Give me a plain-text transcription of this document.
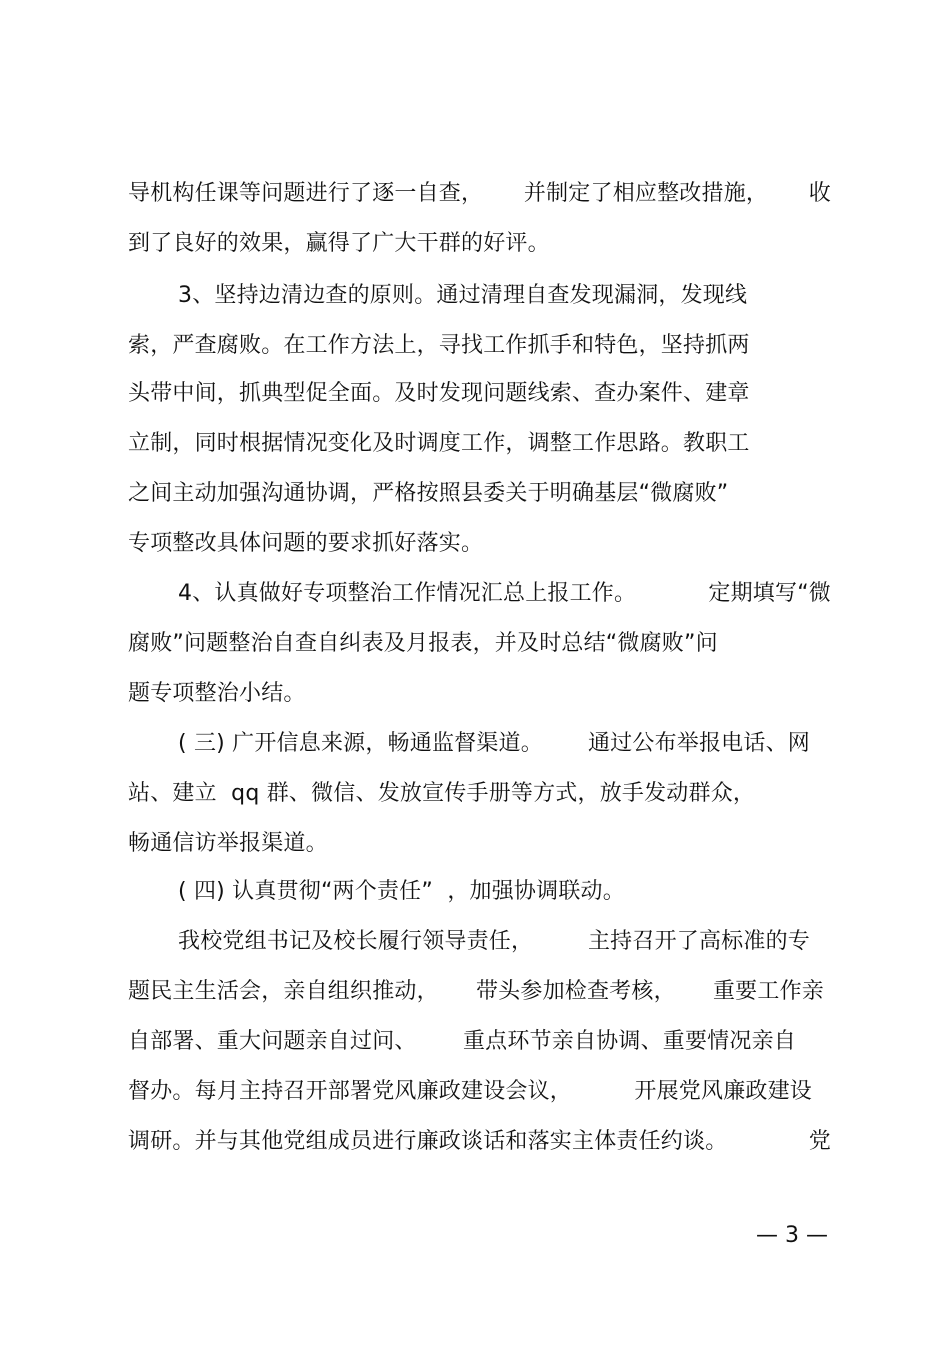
导机构任课等问题进行了逐一自查， 并制定了相应整改措施， 收
到了良好的效果，赢得了广大干群的好评。
3、坚持边清边查的原则。通过清理自查发现漏洞，发现线
索，严查腐败。在工作方法上，寻找工作抓手和特色，坚持抓两
头带中间，抓典型促全面。及时发现问题线索、查办案件、建章
立制，同时根据情况变化及时调度工作，调整工作思路。教职工
之间主动加强沟通协调，严格按照县委关于明确基层“微腐败”
专项整改具体问题的要求抓好落实。
4、认真做好专项整治工作情况汇总上报工作。	定期填写“微
腐败”问题整治自查自纠表及月报表，并及时总结“微腐败”问
题专项整治小结。
( 三) 广开信息来源，畅通监督渠道。 通过公布举报电话、网
站、建立  qq 群、微信、发放宣传手册等方式，放手发动群众，
畅通信访举报渠道。
( 四) 认真贯彻“两个责任”  ，加强协调联动。
我校党组书记及校长履行领导责任， 主持召开了高标准的专
题民主生活会，亲自组织推动， 带头参加检查考核， 重要工作亲
自部署、重大问题亲自过问、 重点环节亲自协调、重要情况亲自
督办。每月主持召开部署党风廉政建设会议，	开展党风廉政建设
调研。并与其他党组成员进行廉政谈话和落实主体责任约谈。	党
— 3 —
